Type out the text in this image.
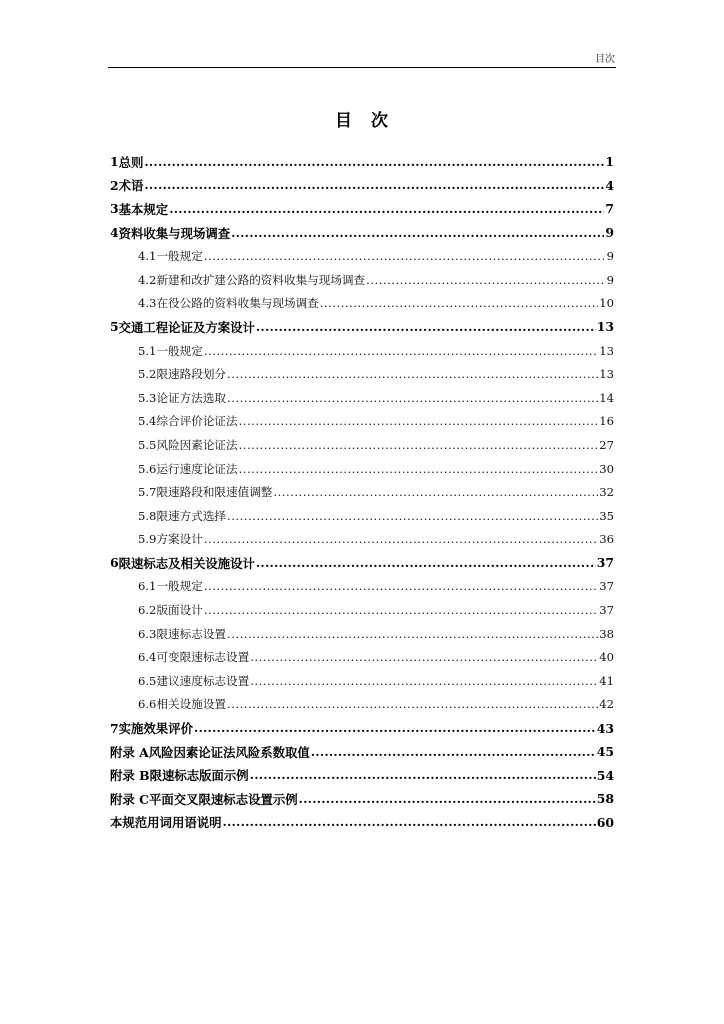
目次
目 次
1 总则 .....	1
2 术语 .....	4
3 基本规定 .....	7
4 资料收集与现场调查 .....	9
4.1 一般规定 .....	9
4.2 新建和改扩建公路的资料收集与现场调查 .....	9
4.3 在役公路的资料收集与现场调查 .....	10
5 交通工程论证及方案设计 .....	13
5.1 一般规定 .....	13
5.2 限速路段划分 .....	13
5.3 论证方法选取 .....	14
5.4 综合评价论证法 .....	16
5.5 风险因素论证法 .....	27
5.6 运行速度论证法 .....	30
5.7 限速路段和限速值调整 .....	32
5.8 限速方式选择 .....	35
5.9 方案设计 .....	36
6 限速标志及相关设施设计 .....	37
6.1 一般规定 .....	37
6.2 版面设计 .....	37
6.3 限速标志设置 .....	38
6.4 可变限速标志设置 .....	40
6.5 建议速度标志设置 .....	41
6.6 相关设施设置 .....	42
7 实施效果评价 .....	43
附录 A 风险因素论证法风险系数取值 .....	45
附录 B 限速标志版面示例 .....	54
附录 C 平面交叉限速标志设置示例 .....	58
本规范用词用语说明 .....	60
